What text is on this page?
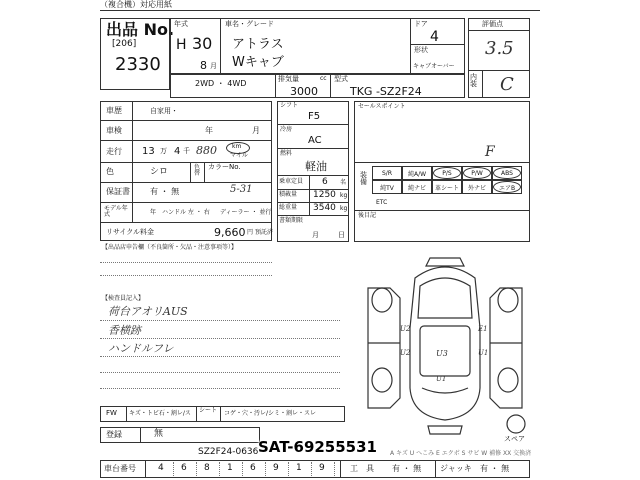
（複合機）対応用紙
出品 No.
[206]
2330
年式
H 30
8 月
車名・グレード
アトラス
Wキャブ
ドア
4
形状
キャブオーバー
2WD ・ 4WD	排気量	cc
3000
型式
TKG -SZ2F24
評価点
3.5
内装 C
車歴	自家用・
車検	年	月
走行 13 万 4 千 880	km
マイル
色	シロ	色替
カラーNo.
保証書	有 ・ 無	5-31
モデル年式	年　ハンドル 左 ・ 右 ディーラー ・ 並行
リサイクル料金	9,660 円 預託済
【出品店申告欄（不良箇所・欠品・注意事項等）】
シフト
F5
冷房
AC
燃料
軽油
乗車定員 6 名
積載量 1250 kg
総重量 3540 kg
書類期限
月	日
セールスポイント
F
装備
S/R	純A/W	P/S	P/W	ABS
純TV	純ナビ	革シート	外ナビ	エアB
ETC
後目記
【検査員記入】
荷台アオリAUS
香横跡
ハンドルフレ
U2	E1
U2	U1
U3
U1
スペア
FW キズ・トビ石・割レ/ス シート	コゲ・穴・汚レ/シミ・割レ・スレ
登録	無
SZ2F24-0636
車台番号 4 6 8 1 6 9 1 9	工　具 有 ・ 無 ジャッキ 有 ・ 無
A キズ U へこみ E エクボ S サビ W 補修 XX 交換済
SAT-69255531
